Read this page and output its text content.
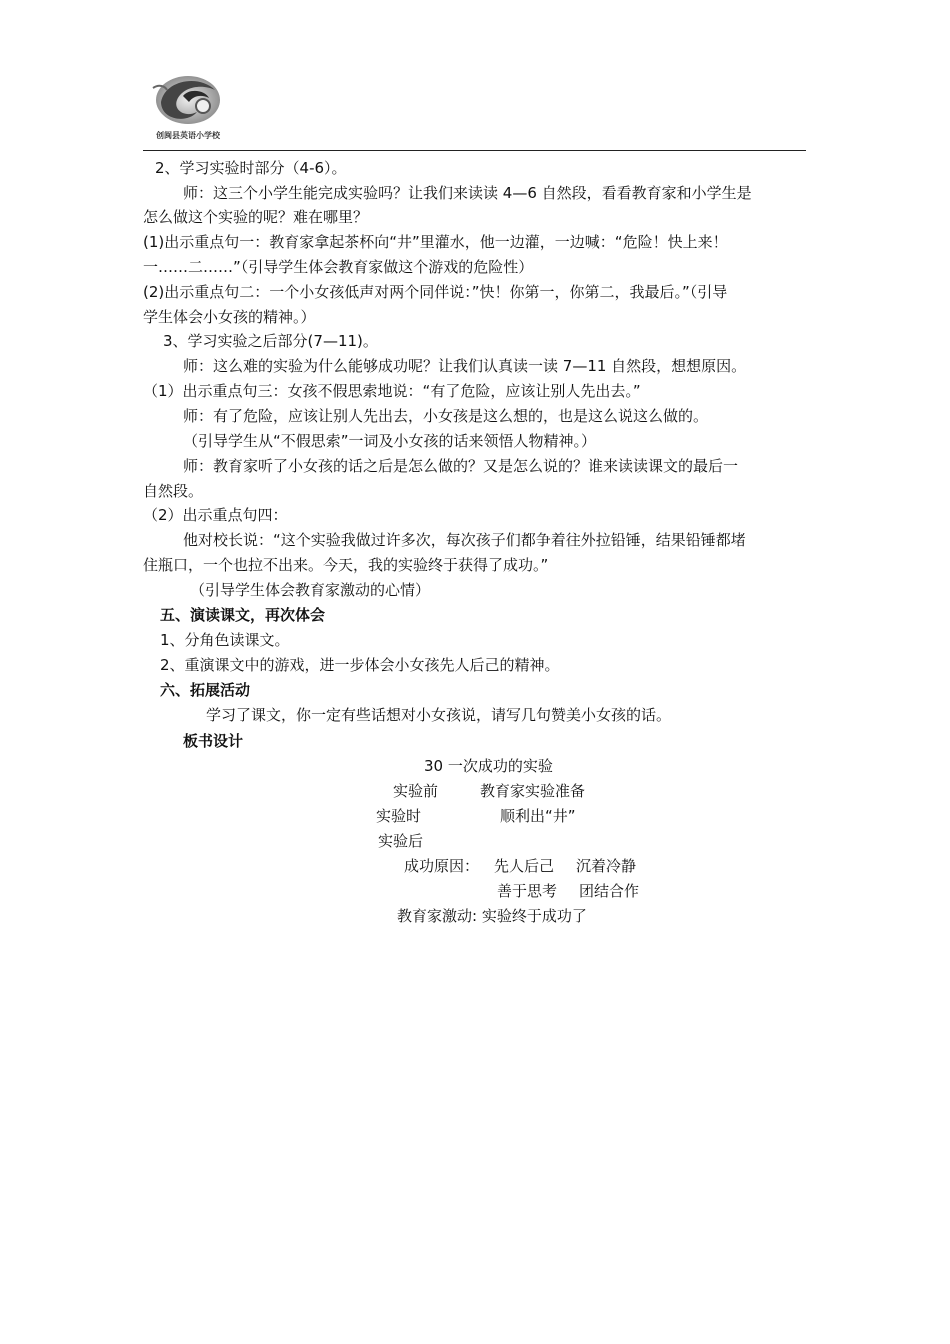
创闽县英语小学校
2、学习实验时部分（4-6）。
师：这三个小学生能完成实验吗？让我们来读读 4—6 自然段，看看教育家和小学生是
怎么做这个实验的呢？难在哪里？
(1)出示重点句一：教育家拿起茶杯向“井”里灌水，他一边灌，一边喊：“危险！快上来！
一……二……”（引导学生体会教育家做这个游戏的危险性）
(2)出示重点句二：一个小女孩低声对两个同伴说：”快！你第一，你第二，我最后。”（引导
学生体会小女孩的精神。）
3、学习实验之后部分(7—11)。
师：这么难的实验为什么能够成功呢？让我们认真读一读 7—11 自然段，想想原因。
（1）出示重点句三：女孩不假思索地说：“有了危险，应该让别人先出去。”
师：有了危险，应该让别人先出去，小女孩是这么想的，也是这么说这么做的。
（引导学生从“不假思索”一词及小女孩的话来领悟人物精神。）
师：教育家听了小女孩的话之后是怎么做的？又是怎么说的？谁来读读课文的最后一
自然段。
（2）出示重点句四：
他对校长说：“这个实验我做过许多次，每次孩子们都争着往外拉铅锤，结果铅锤都堵
住瓶口，一个也拉不出来。今天，我的实验终于获得了成功。”
（引导学生体会教育家激动的心情）
五、演读课文，再次体会
1、分角色读课文。
2、重演课文中的游戏，进一步体会小女孩先人后己的精神。
六、拓展活动
学习了课文，你一定有些话想对小女孩说，请写几句赞美小女孩的话。
板书设计
30 一次成功的实验
实验前	教育家实验准备
实验时	顺利出“井”
实验后
成功原因： 先人后己 沉着冷静
善于思考 团结合作
教育家激动: 实验终于成功了
